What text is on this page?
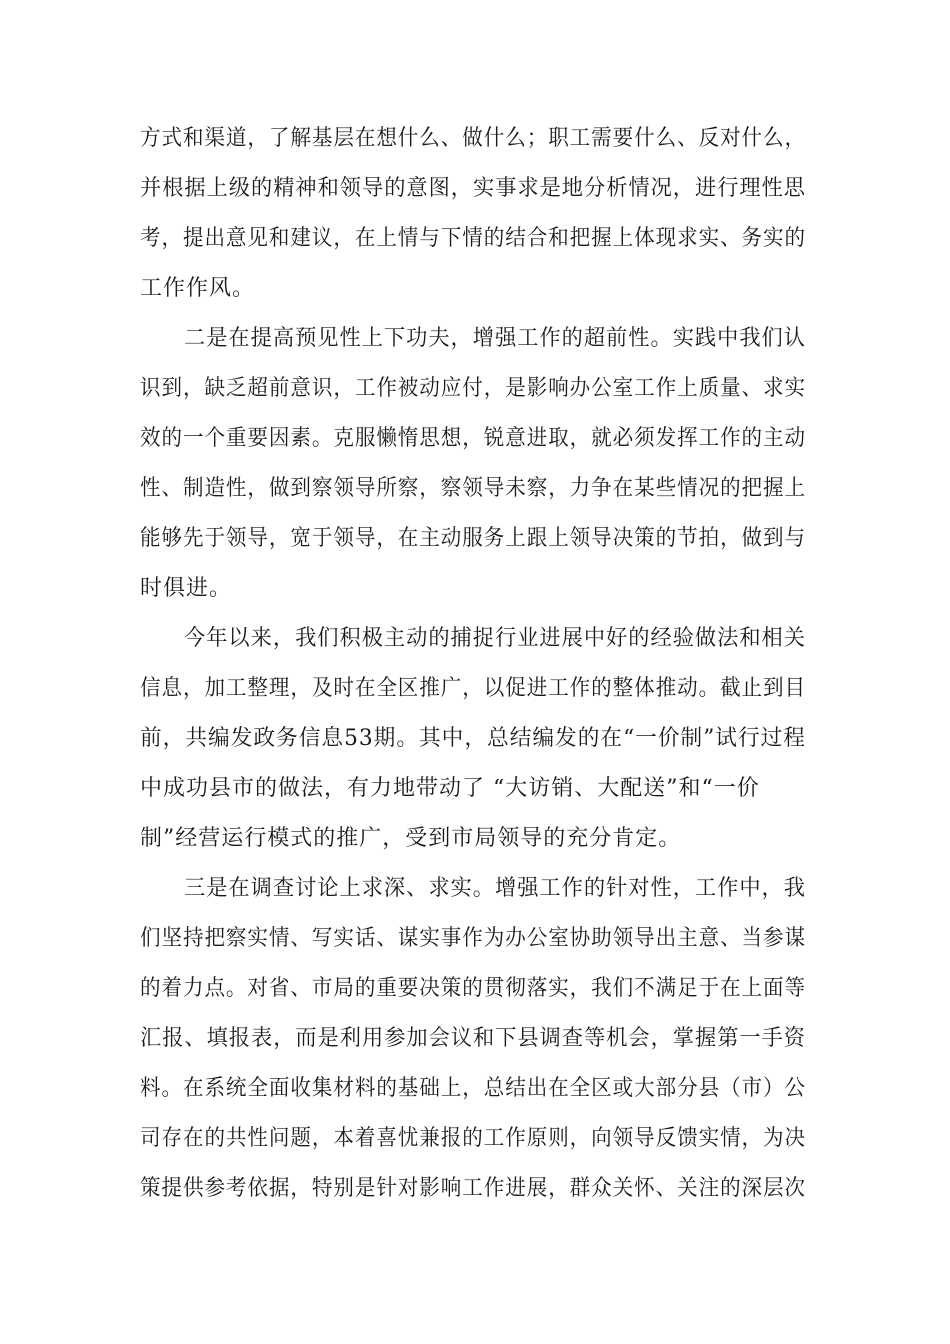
方式和渠道，了解基层在想什么、做什么；职工需要什么、反对什么，
并根据上级的精神和领导的意图，实事求是地分析情况，进行理性思
考，提出意见和建议，在上情与下情的结合和把握上体现求实、务实的
工作作风。
二是在提高预见性上下功夫，增强工作的超前性。实践中我们认
识到，缺乏超前意识，工作被动应付，是影响办公室工作上质量、求实
效的一个重要因素。克服懒惰思想，锐意进取，就必须发挥工作的主动
性、制造性，做到察领导所察，察领导未察，力争在某些情况的把握上
能够先于领导，宽于领导，在主动服务上跟上领导决策的节拍，做到与
时俱进。
今年以来，我们积极主动的捕捉行业进展中好的经验做法和相关
信息，加工整理，及时在全区推广，以促进工作的整体推动。截止到目
前，共编发政务信息53期。其中，总结编发的在“一价制”试行过程
中成功县市的做法，有力地带动了 “大访销、大配送”和“一价
制”经营运行模式的推广，受到市局领导的充分肯定。
三是在调查讨论上求深、求实。增强工作的针对性，工作中，我
们坚持把察实情、写实话、谋实事作为办公室协助领导出主意、当参谋
的着力点。对省、市局的重要决策的贯彻落实，我们不满足于在上面等
汇报、填报表，而是利用参加会议和下县调查等机会，掌握第一手资
料。在系统全面收集材料的基础上，总结出在全区或大部分县（市）公
司存在的共性问题，本着喜忧兼报的工作原则，向领导反馈实情，为决
策提供参考依据，特别是针对影响工作进展，群众关怀、关注的深层次
